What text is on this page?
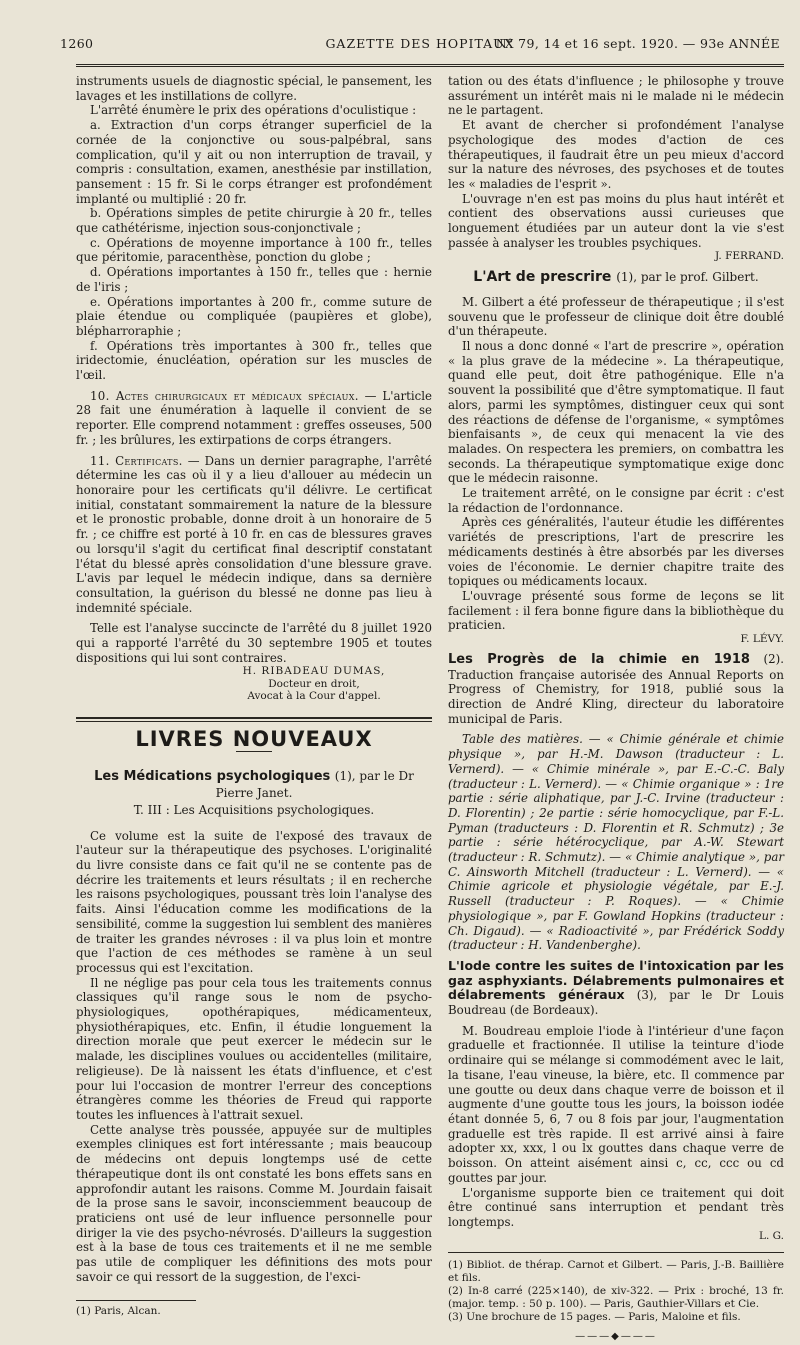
1260	GAZETTE DES HOPITAUX
N° 79, 14 et 16 sept. 1920. — 93e ANNÉE

instruments usuels de diagnostic spécial, le pansement, les lavages et les instillations de collyre.

L'arrêté énumère le prix des opérations d'oculistique :

a. Extraction d'un corps étranger superficiel de la cornée de la conjonctive ou sous-palpébral, sans complication, qu'il y ait ou non interruption de travail, y compris : consultation, examen, anesthésie par instillation, pansement : 15 fr. Si le corps étranger est profondément implanté ou multiplié : 20 fr.

b. Opérations simples de petite chirurgie à 20 fr., telles que cathétérisme, injection sous-conjonctivale ;

c. Opérations de moyenne importance à 100 fr., telles que péritomie, paracenthèse, ponction du globe ;

d. Opérations importantes à 150 fr., telles que : hernie de l'iris ;

e. Opérations importantes à 200 fr., comme suture de plaie étendue ou compliquée (paupières et globe), blépharroraphie ;

f. Opérations très importantes à 300 fr., telles que iridectomie, énucléation, opération sur les muscles de l'œil.

10. Actes chirurgicaux et médicaux spéciaux. — L'article 28 fait une énumération à laquelle il convient de se reporter. Elle comprend notamment : greffes osseuses, 500 fr. ; les brûlures, les extirpations de corps étrangers.

11. Certificats. — Dans un dernier paragraphe, l'arrêté détermine les cas où il y a lieu d'allouer au médecin un honoraire pour les certificats qu'il délivre. Le certificat initial, constatant sommairement la nature de la blessure et le pronostic probable, donne droit à un honoraire de 5 fr. ; ce chiffre est porté à 10 fr. en cas de blessures graves ou lorsqu'il s'agit du certificat final descriptif constatant l'état du blessé après consolidation d'une blessure grave. L'avis par lequel le médecin indique, dans sa dernière consultation, la guérison du blessé ne donne pas lieu à indemnité spéciale.

Telle est l'analyse succincte de l'arrêté du 8 juillet 1920 qui a rapporté l'arrêté du 30 septembre 1905 et toutes dispositions qui lui sont contraires.

H. RIBADEAU DUMAS,
Docteur en droit,
Avocat à la Cour d'appel.
LIVRES NOUVEAUX
Les Médications psychologiques (1), par le Dr Pierre Janet.
T. III : Les Acquisitions psychologiques.

Ce volume est la suite de l'exposé des travaux de l'auteur sur la thérapeutique des psychoses. L'originalité du livre consiste dans ce fait qu'il ne se contente pas de décrire les traitements et leurs résultats ; il en recherche les raisons psychologiques, poussant très loin l'analyse des faits. Ainsi l'éducation comme les modifications de la sensibilité, comme la suggestion lui semblent des manières de traiter les grandes névroses : il va plus loin et montre que l'action de ces méthodes se ramène à un seul processus qui est l'excitation.

Il ne néglige pas pour cela tous les traitements connus classiques qu'il range sous le nom de psycho-physiologiques, opothérapiques, médicamenteux, physiothérapiques, etc. Enfin, il étudie longuement la direction morale que peut exercer le médecin sur le malade, les disciplines voulues ou accidentelles (militaire, religieuse). De là naissent les états d'influence, et c'est pour lui l'occasion de montrer l'erreur des conceptions étrangères comme les théories de Freud qui rapporte toutes les influences à l'attrait sexuel.

Cette analyse très poussée, appuyée sur de multiples exemples cliniques est fort intéressante ; mais beaucoup de médecins ont depuis longtemps usé de cette thérapeutique dont ils ont constaté les bons effets sans en approfondir autant les raisons. Comme M. Jourdain faisait de la prose sans le savoir, inconsciemment beaucoup de praticiens ont usé de leur influence personnelle pour diriger la vie des psycho-névrosés. D'ailleurs la suggestion est à la base de tous ces traitements et il ne me semble pas utile de compliquer les définitions des mots pour savoir ce qui ressort de la suggestion, de l'exci-

(1) Paris, Alcan.

tation ou des états d'influence ; le philosophe y trouve assurément un intérêt mais ni le malade ni le médecin ne le partagent.

Et avant de chercher si profondément l'analyse psychologique des modes d'action de ces thérapeutiques, il faudrait être un peu mieux d'accord sur la nature des névroses, des psychoses et de toutes les « maladies de l'esprit ».

L'ouvrage n'en est pas moins du plus haut intérêt et contient des observations aussi curieuses que longuement étudiées par un auteur dont la vie s'est passée à analyser les troubles psychiques.

J. FERRAND.
L'Art de prescrire (1), par le prof. Gilbert.

M. Gilbert a été professeur de thérapeutique ; il s'est souvenu que le professeur de clinique doit être doublé d'un thérapeute.

Il nous a donc donné « l'art de prescrire », opération « la plus grave de la médecine ». La thérapeutique, quand elle peut, doit être pathogénique. Elle n'a souvent la possibilité que d'être symptomatique. Il faut alors, parmi les symptômes, distinguer ceux qui sont des réactions de défense de l'organisme, « symptômes bienfaisants », de ceux qui menacent la vie des malades. On respectera les premiers, on combattra les seconds. La thérapeutique symptomatique exige donc que le médecin raisonne.

Le traitement arrêté, on le consigne par écrit : c'est la rédaction de l'ordonnance.

Après ces généralités, l'auteur étudie les différentes variétés de prescriptions, l'art de prescrire les médicaments destinés à être absorbés par les diverses voies de l'économie. Le dernier chapitre traite des topiques ou médicaments locaux.

L'ouvrage présenté sous forme de leçons se lit facilement : il fera bonne figure dans la bibliothèque du praticien.

F. LÉVY.

Les Progrès de la chimie en 1918 (2). Traduction française autorisée des Annual Reports on Progress of Chemistry, for 1918, publié sous la direction de André Kling, directeur du laboratoire municipal de Paris.

Table des matières. — « Chimie générale et chimie physique », par H.-M. Dawson (traducteur : L. Vernerd). — « Chimie minérale », par E.-C.-C. Baly (traducteur : L. Vernerd). — « Chimie organique » : 1re partie : série aliphatique, par J.-C. Irvine (traducteur : D. Florentin) ; 2e partie : série homocyclique, par F.-L. Pyman (traducteurs : D. Florentin et R. Schmutz) ; 3e partie : série hétérocyclique, par A.-W. Stewart (traducteur : R. Schmutz). — « Chimie analytique », par C. Ainsworth Mitchell (traducteur : L. Vernerd). — « Chimie agricole et physiologie végétale, par E.-J. Russell (traducteur : P. Roques). — « Chimie physiologique », par F. Gowland Hopkins (traducteur : Ch. Digaud). — « Radioactivité », par Frédérick Soddy (traducteur : H. Vandenberghe).

L'Iode contre les suites de l'intoxication par les gaz asphyxiants. Délabrements pulmonaires et délabrements généraux (3), par le Dr Louis Boudreau (de Bordeaux).

M. Boudreau emploie l'iode à l'intérieur d'une façon graduelle et fractionnée. Il utilise la teinture d'iode ordinaire qui se mélange si commodément avec le lait, la tisane, l'eau vineuse, la bière, etc. Il commence par une goutte ou deux dans chaque verre de boisson et il augmente d'une goutte tous les jours, la boisson iodée étant donnée 5, 6, 7 ou 8 fois par jour, l'augmentation graduelle est très rapide. Il est arrivé ainsi à faire adopter xx, xxx, l ou lx gouttes dans chaque verre de boisson. On atteint aisément ainsi c, cc, ccc ou cd gouttes par jour.

L'organisme supporte bien ce traitement qui doit être continué sans interruption et pendant très longtemps.

L. G.
(1) Bibliot. de thérap. Carnot et Gilbert. — Paris, J.-B. Baillière et fils.
(2) In-8 carré (225×140), de xiv-322. — Prix : broché, 13 fr. (major. temp. : 50 p. 100). — Paris, Gauthier-Villars et Cie.
(3) Une brochure de 15 pages. — Paris, Maloine et fils.
———◆———
